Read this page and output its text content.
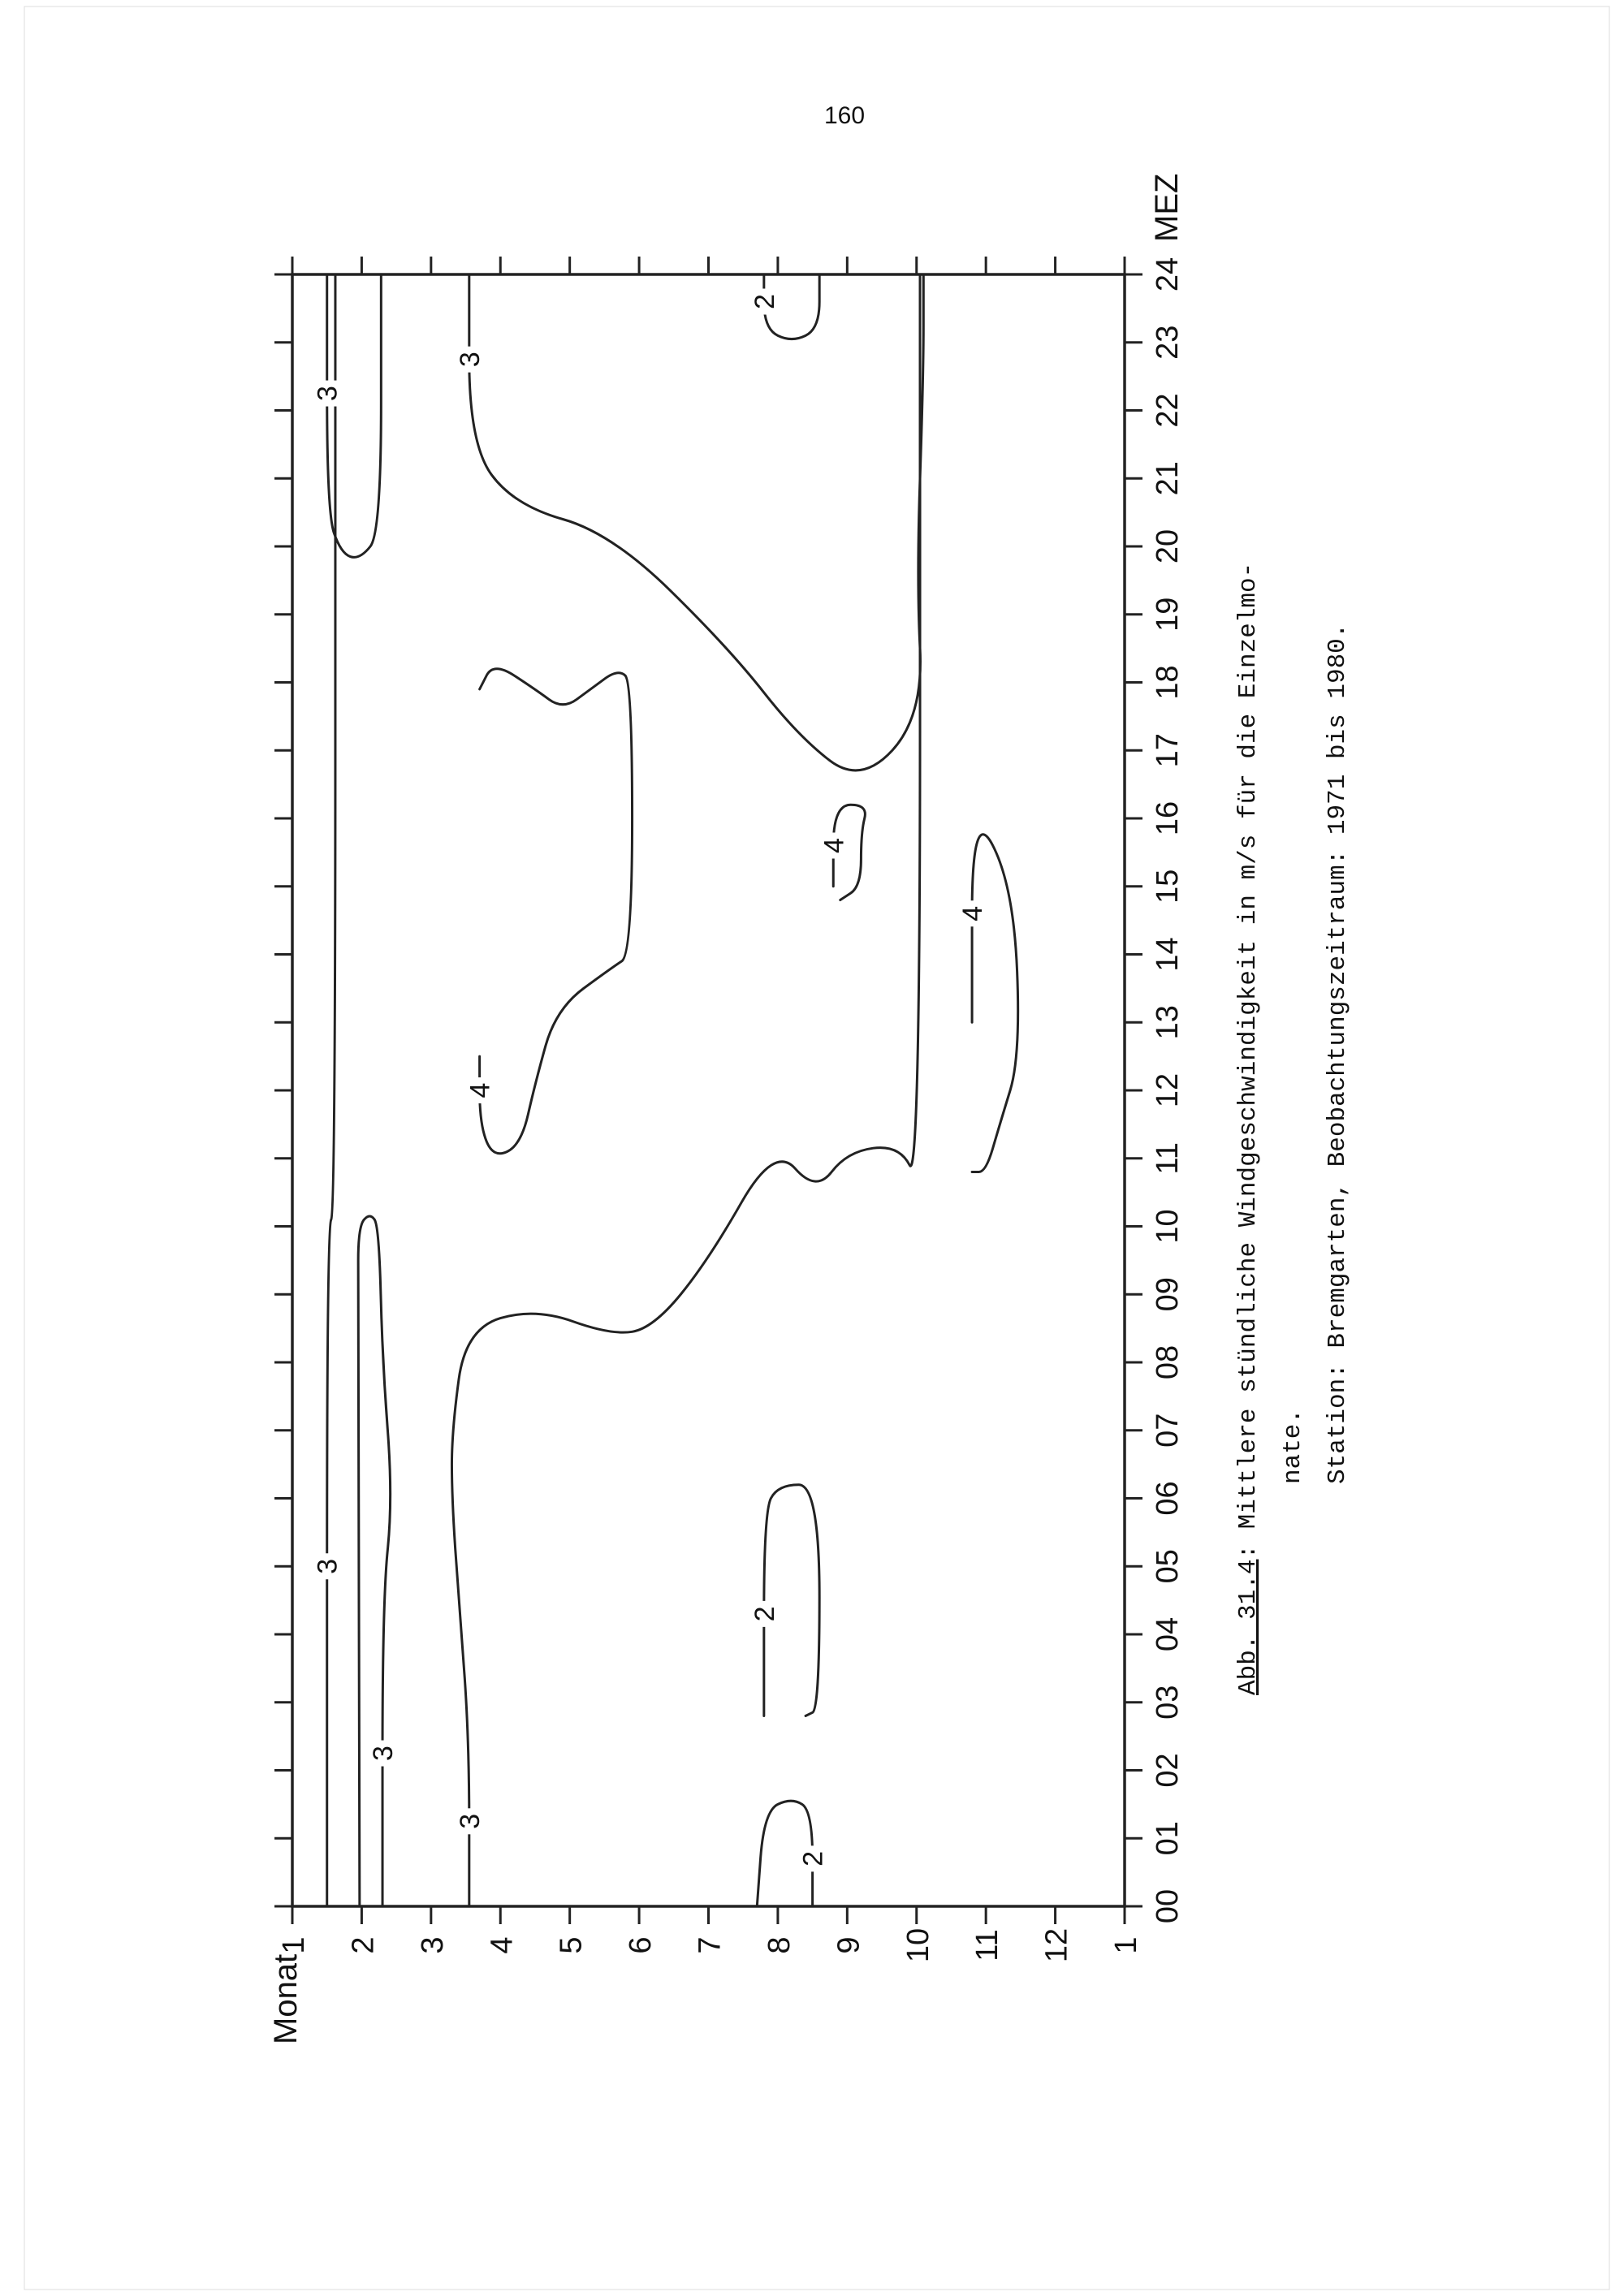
160
00
01
02
03
04
05
06
07
08
09
10
11
12
13
14
15
16
17
18
19
20
21
22
23
24
1 2 3 4 5 6 7 8 9 10 11 12 1
MEZ
Monat
3
3
3
3
3
2
2
2
4
4
4
Abb. 31.4: Mittlere stündliche Windgeschwindigkeit in m/s für die Einzelmo- nate. Station: Bremgarten, Beobachtungszeitraum: 1971 bis 1980.
